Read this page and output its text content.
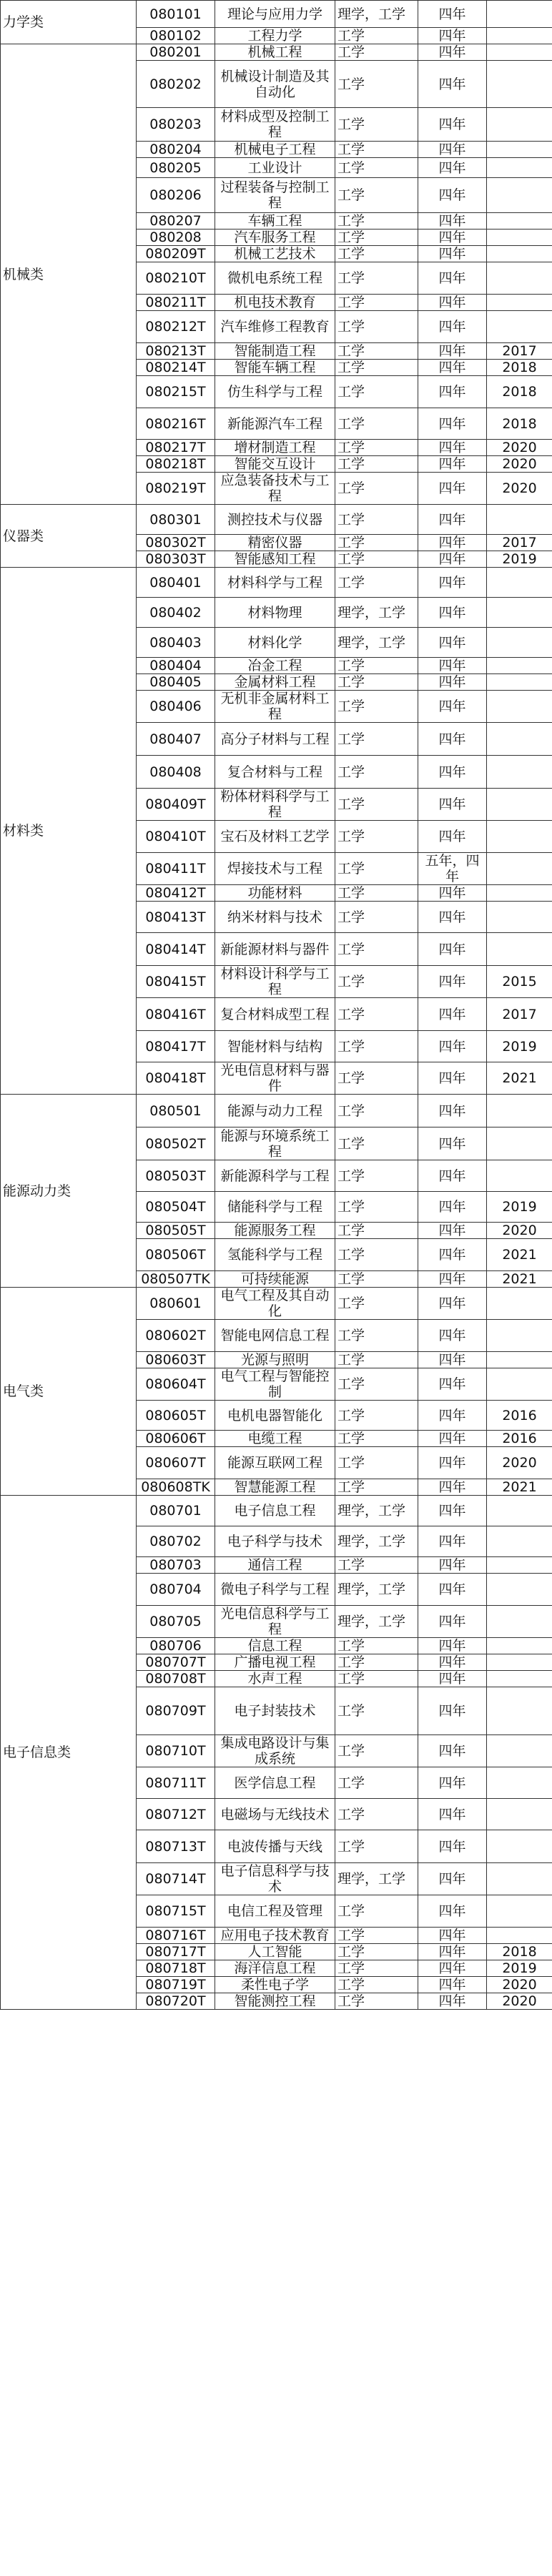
力学类	080101	理论与应用力学	理学，工学	四年	
	080102	工程力学	工学	四年	
机械类	080201	机械工程	工学	四年	
	080202	机械设计制造及其自动化	工学	四年	
	080203	材料成型及控制工程	工学	四年	
	080204	机械电子工程	工学	四年	
	080205	工业设计	工学	四年	
	080206	过程装备与控制工程	工学	四年	
	080207	车辆工程	工学	四年	
	080208	汽车服务工程	工学	四年	
	080209T	机械工艺技术	工学	四年	
	080210T	微机电系统工程	工学	四年	
	080211T	机电技术教育	工学	四年	
	080212T	汽车维修工程教育	工学	四年	
	080213T	智能制造工程	工学	四年	2017
	080214T	智能车辆工程	工学	四年	2018
	080215T	仿生科学与工程	工学	四年	2018
	080216T	新能源汽车工程	工学	四年	2018
	080217T	增材制造工程	工学	四年	2020
	080218T	智能交互设计	工学	四年	2020
	080219T	应急装备技术与工程	工学	四年	2020
仪器类	080301	测控技术与仪器	工学	四年	
	080302T	精密仪器	工学	四年	2017
	080303T	智能感知工程	工学	四年	2019
材料类	080401	材料科学与工程	工学	四年	
	080402	材料物理	理学，工学	四年	
	080403	材料化学	理学，工学	四年	
	080404	冶金工程	工学	四年	
	080405	金属材料工程	工学	四年	
	080406	无机非金属材料工程	工学	四年	
	080407	高分子材料与工程	工学	四年	
	080408	复合材料与工程	工学	四年	
	080409T	粉体材料科学与工程	工学	四年	
	080410T	宝石及材料工艺学	工学	四年	
	080411T	焊接技术与工程	工学	五年，四年	
	080412T	功能材料	工学	四年	
	080413T	纳米材料与技术	工学	四年	
	080414T	新能源材料与器件	工学	四年	
	080415T	材料设计科学与工程	工学	四年	2015
	080416T	复合材料成型工程	工学	四年	2017
	080417T	智能材料与结构	工学	四年	2019
	080418T	光电信息材料与器件	工学	四年	2021
能源动力类	080501	能源与动力工程	工学	四年	
	080502T	能源与环境系统工程	工学	四年	
	080503T	新能源科学与工程	工学	四年	
	080504T	储能科学与工程	工学	四年	2019
	080505T	能源服务工程	工学	四年	2020
	080506T	氢能科学与工程	工学	四年	2021
	080507TK	可持续能源	工学	四年	2021
电气类	080601	电气工程及其自动化	工学	四年	
	080602T	智能电网信息工程	工学	四年	
	080603T	光源与照明	工学	四年	
	080604T	电气工程与智能控制	工学	四年	
	080605T	电机电器智能化	工学	四年	2016
	080606T	电缆工程	工学	四年	2016
	080607T	能源互联网工程	工学	四年	2020
	080608TK	智慧能源工程	工学	四年	2021
电子信息类	080701	电子信息工程	理学，工学	四年	
	080702	电子科学与技术	理学，工学	四年	
	080703	通信工程	工学	四年	
	080704	微电子科学与工程	理学，工学	四年	
	080705	光电信息科学与工程	理学，工学	四年	
	080706	信息工程	工学	四年	
	080707T	广播电视工程	工学	四年	
	080708T	水声工程	工学	四年	
	080709T	电子封装技术	工学	四年	
	080710T	集成电路设计与集成系统	工学	四年	
	080711T	医学信息工程	工学	四年	
	080712T	电磁场与无线技术	工学	四年	
	080713T	电波传播与天线	工学	四年	
	080714T	电子信息科学与技术	理学，工学	四年	
	080715T	电信工程及管理	工学	四年	
	080716T	应用电子技术教育	工学	四年	
	080717T	人工智能	工学	四年	2018
	080718T	海洋信息工程	工学	四年	2019
	080719T	柔性电子学	工学	四年	2020
	080720T	智能测控工程	工学	四年	2020
